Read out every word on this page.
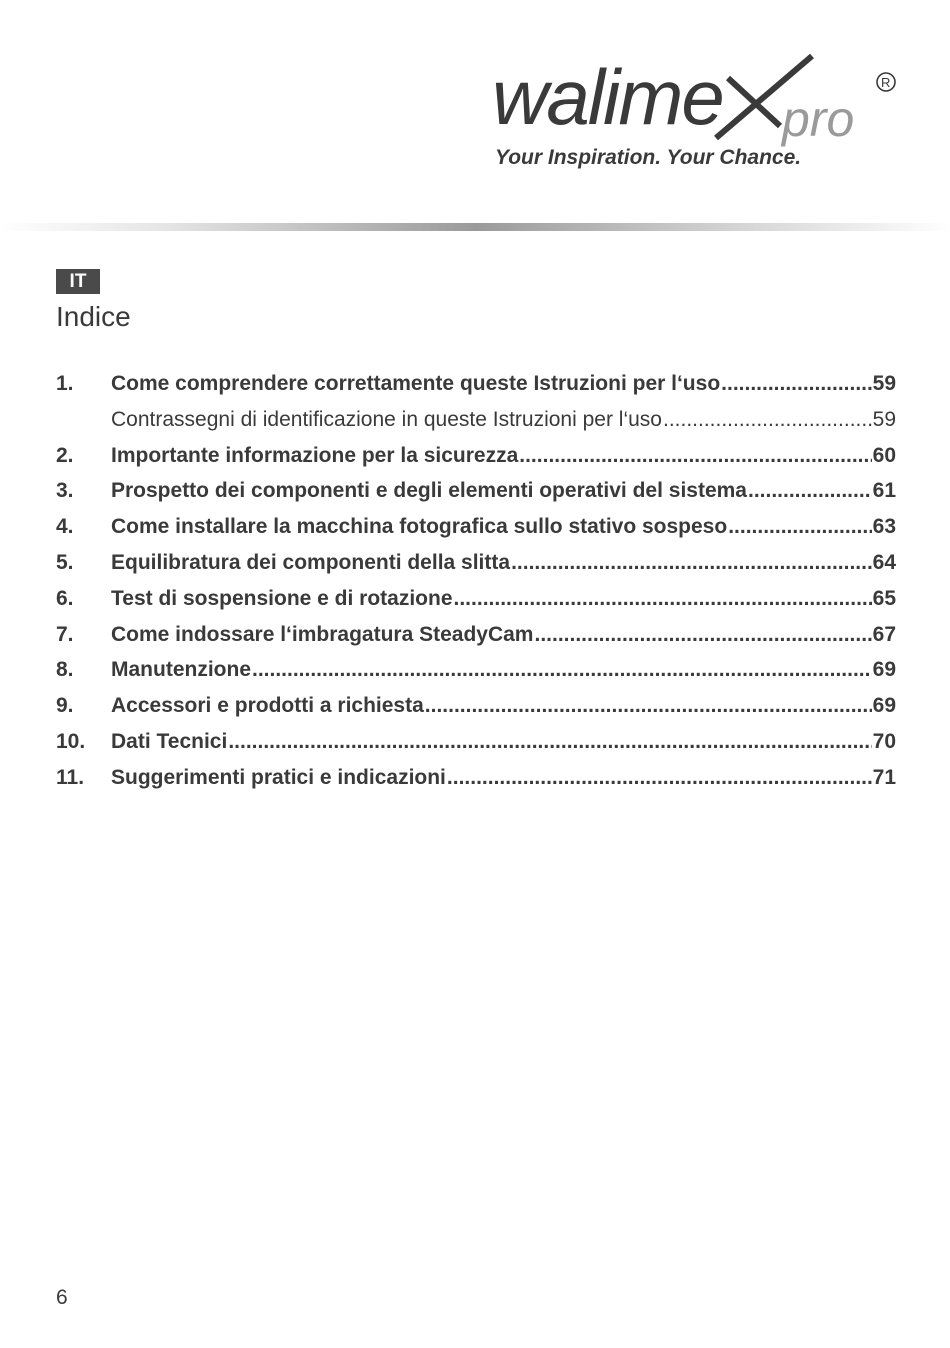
walime pro
R
Your Inspiration. Your Chance.
IT
Indice
1.	Come comprendere correttamente queste Istruzioni per l‘uso .....	59
Contrassegni di identificazione in queste Istruzioni per l‘uso .....	59
2.	Importante informazione per la sicurezza .....	60
3.	Prospetto dei componenti e degli elementi operativi del sistema .....	61
4.	Come installare la macchina fotografica sullo stativo sospeso .....	63
5.	Equilibratura dei componenti della slitta .....	64
6.	Test di sospensione e di rotazione .....	65
7.	Come indossare l‘imbragatura SteadyCam .....	67
8.	Manutenzione .....	69
9.	Accessori e prodotti a richiesta .....	69
10.	Dati Tecnici .....	70
11.	Suggerimenti pratici e indicazioni .....	71
6
